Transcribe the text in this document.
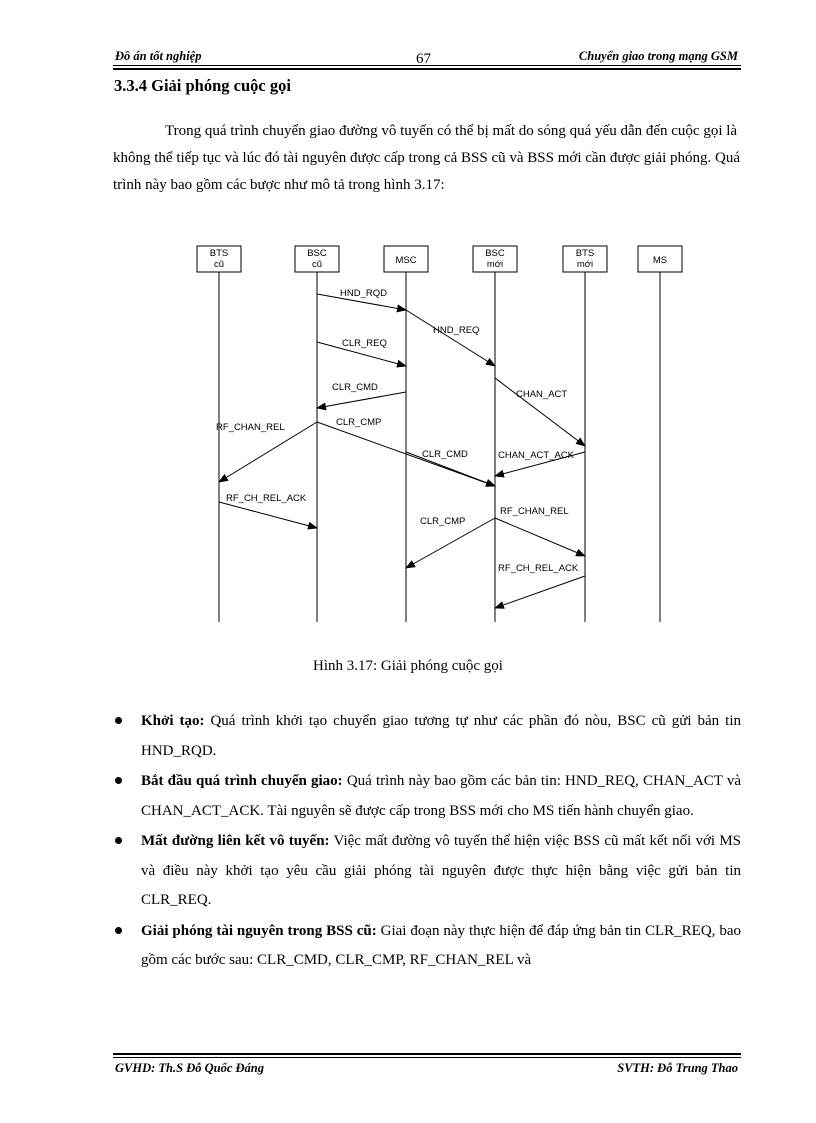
Đồ án tốt nghiệp	67	Chuyển giao trong mạng GSM
3.3.4 Giải phóng cuộc gọi
Trong quá trình chuyển giao đường vô tuyến có thể bị mất do sóng quá yếu dẫn đến cuộc gọi là không thể tiếp tục và lúc đó tài nguyên được cấp trong cả BSS cũ và BSS mới cần được giải phóng. Quá trình này bao gồm các bược như mô tả trong hình 3.17:
BTS
cũ
BSC
cũ	MSC
BSC
mới
BTS
mới	MS
HND_RQD
HND_REQ
CLR_REQ
CHAN_ACT
CLR_CMD
RF_CHAN_REL	CLR_CMP
CHAN_ACT_ACK
CLR_CMD
RF_CH_REL_ACK
CLR_CMP
RF_CHAN_REL
RF_CH_REL_ACK
Hình 3.17: Giải phóng cuộc gọi
Khởi tạo: Quá trình khởi tạo chuyển giao tương tự như các phần đó nòu, BSC cũ gửi bản tin HND_RQD.
Bắt đầu quá trình chuyển giao: Quá trình này bao gồm các bản tin: HND_REQ, CHAN_ACT và CHAN_ACT_ACK. Tài nguyên sẽ được cấp trong BSS mới cho MS tiến hành chuyển giao.
Mất đường liên kết vô tuyến: Việc mất đường vô tuyến thể hiện việc BSS cũ mất kết nối với MS và điều này khởi tạo yêu cầu giải phóng tài nguyên được thực hiện bằng việc gửi bản tin CLR_REQ.
Giải phóng tài nguyên trong BSS cũ: Giai đoạn này thực hiện để đáp ứng bản tin CLR_REQ, bao gồm các bước sau: CLR_CMD, CLR_CMP, RF_CHAN_REL và
GVHD: Th.S Đỗ Quốc Đáng	SVTH: Đỗ Trung Thao
